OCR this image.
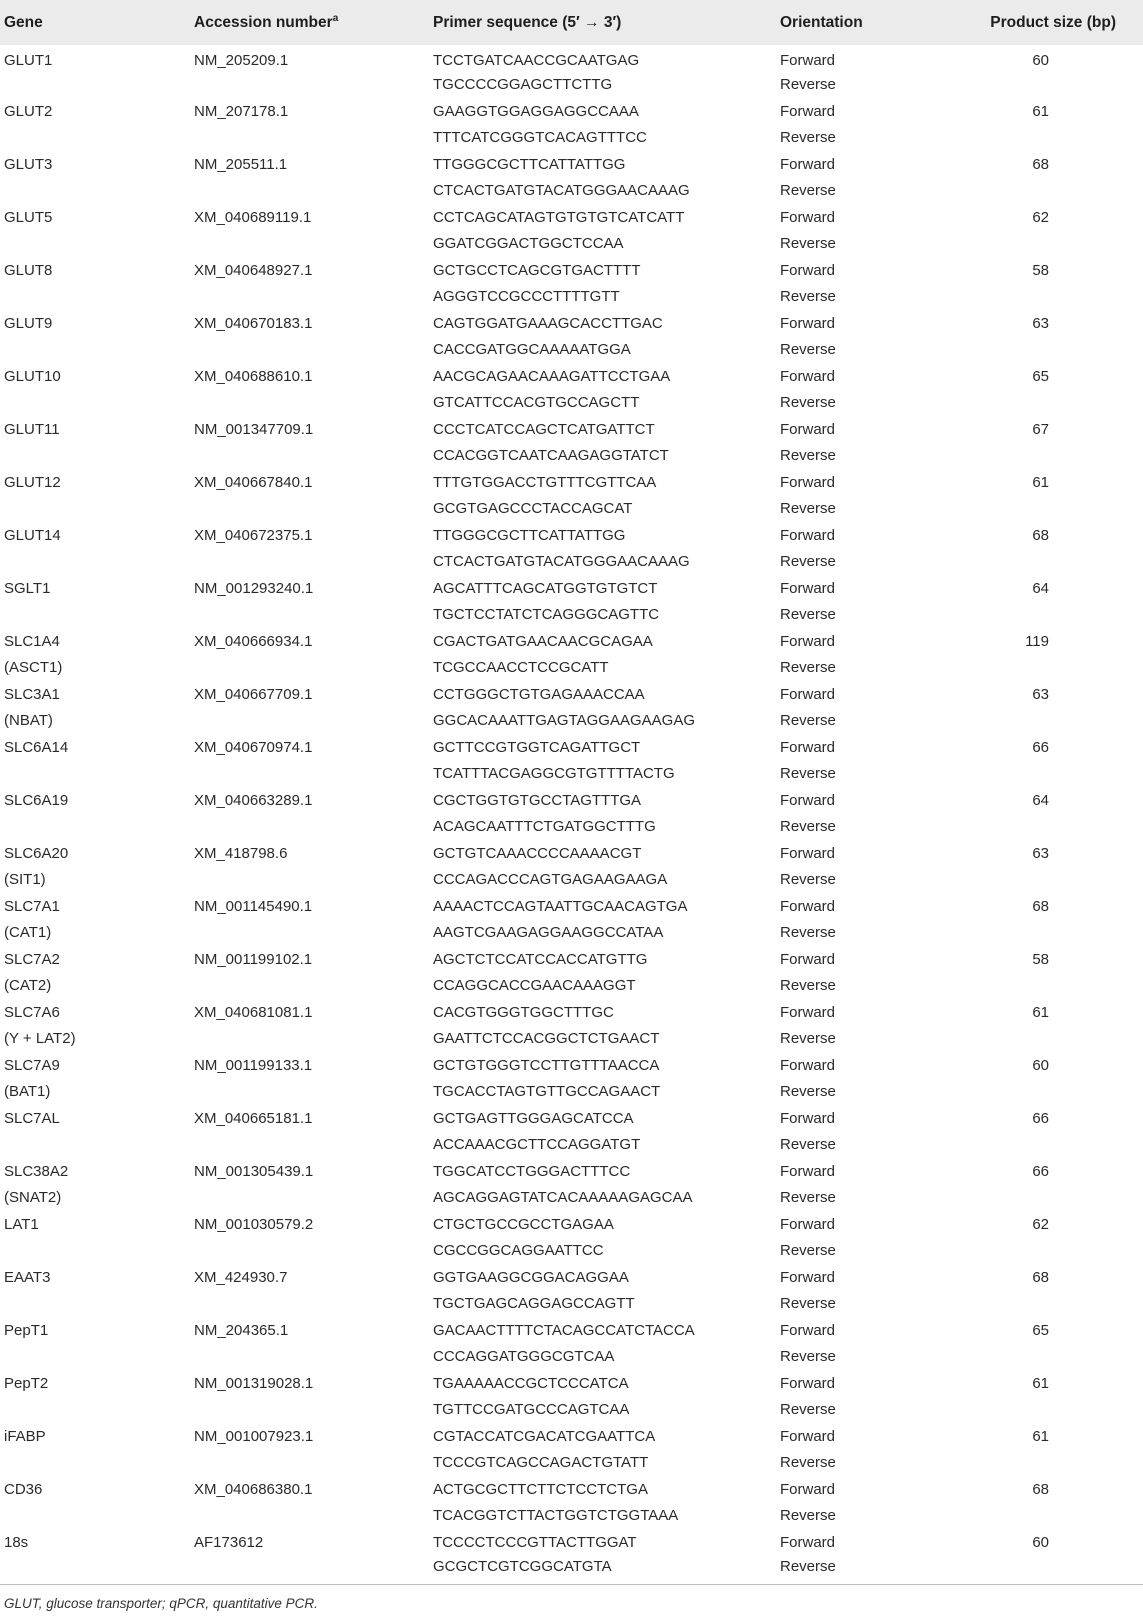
Gene	Accession number$^a$	Primer sequence (5′ → 3′)	Orientation	Product size (bp)
GLUT1	NM_205209.1	TCCTGATCAACCGCAATGAG	Forward	60
		TGCCCCGGAGCTTCTTG	Reverse	
GLUT2	NM_207178.1	GAAGGTGGAGGAGGCCAAA	Forward	61
		TTTCATCGGGTCACAGTTTCC	Reverse	
GLUT3	NM_205511.1	TTGGGCGCTTCATTATTGG	Forward	68
		CTCACTGATGTACATGGGAACAAAG	Reverse	
GLUT5	XM_040689119.1	CCTCAGCATAGTGTGTGTCATCATT	Forward	62
		GGATCGGACTGGCTCCAA	Reverse	
GLUT8	XM_040648927.1	GCTGCCTCAGCGTGACTTTT	Forward	58
		AGGGTCCGCCCTTTTGTT	Reverse	
GLUT9	XM_040670183.1	CAGTGGATGAAAGCACCTTGAC	Forward	63
		CACCGATGGCAAAAATGGA	Reverse	
GLUT10	XM_040688610.1	AACGCAGAACAAAGATTCCTGAA	Forward	65
		GTCATTCCACGTGCCAGCTT	Reverse	
GLUT11	NM_001347709.1	CCCTCATCCAGCTCATGATTCT	Forward	67
		CCACGGTCAATCAAGAGGTATCT	Reverse	
GLUT12	XM_040667840.1	TTTGTGGACCTGTTTCGTTCAA	Forward	61
		GCGTGAGCCCTACCAGCAT	Reverse	
GLUT14	XM_040672375.1	TTGGGCGCTTCATTATTGG	Forward	68
		CTCACTGATGTACATGGGAACAAAG	Reverse	
SGLT1	NM_001293240.1	AGCATTTCAGCATGGTGTGTCT	Forward	64
		TGCTCCTATCTCAGGGCAGTTC	Reverse	
SLC1A4	XM_040666934.1	CGACTGATGAACAACGCAGAA	Forward	119
(ASCT1)		TCGCCAACCTCCGCATT	Reverse	
SLC3A1	XM_040667709.1	CCTGGGCTGTGAGAAACCAA	Forward	63
(NBAT)		GGCACAAATTGAGTAGGAAGAAGAG	Reverse	
SLC6A14	XM_040670974.1	GCTTCCGTGGTCAGATTGCT	Forward	66
		TCATTTACGAGGCGTGTTTTACTG	Reverse	
SLC6A19	XM_040663289.1	CGCTGGTGTGCCTAGTTTGA	Forward	64
		ACAGCAATTTCTGATGGCTTTG	Reverse	
SLC6A20	XM_418798.6	GCTGTCAAACCCCAAAACGT	Forward	63
(SIT1)		CCCAGACCCAGTGAGAAGAAGA	Reverse	
SLC7A1	NM_001145490.1	AAAACTCCAGTAATTGCAACAGTGA	Forward	68
(CAT1)		AAGTCGAAGAGGAAGGCCATAA	Reverse	
SLC7A2	NM_001199102.1	AGCTCTCCATCCACCATGTTG	Forward	58
(CAT2)		CCAGGCACCGAACAAAGGT	Reverse	
SLC7A6	XM_040681081.1	CACGTGGGTGGCTTTGC	Forward	61
(Y + LAT2)		GAATTCTCCACGGCTCTGAACT	Reverse	
SLC7A9	NM_001199133.1	GCTGTGGGTCCTTGTTTAACCA	Forward	60
(BAT1)		TGCACCTAGTGTTGCCAGAACT	Reverse	
SLC7AL	XM_040665181.1	GCTGAGTTGGGAGCATCCA	Forward	66
		ACCAAACGCTTCCAGGATGT	Reverse	
SLC38A2	NM_001305439.1	TGGCATCCTGGGACTTTCC	Forward	66
(SNAT2)		AGCAGGAGTATCACAAAAAGAGCAA	Reverse	
LAT1	NM_001030579.2	CTGCTGCCGCCTGAGAA	Forward	62
		CGCCGGCAGGAATTCC	Reverse	
EAAT3	XM_424930.7	GGTGAAGGCGGACAGGAA	Forward	68
		TGCTGAGCAGGAGCCAGTT	Reverse	
PepT1	NM_204365.1	GACAACTTTTCTACAGCCATCTACCA	Forward	65
		CCCAGGATGGGCGTCAA	Reverse	
PepT2	NM_001319028.1	TGAAAAACCGCTCCCATCA	Forward	61
		TGTTCCGATGCCCAGTCAA	Reverse	
iFABP	NM_001007923.1	CGTACCATCGACATCGAATTCA	Forward	61
		TCCCGTCAGCCAGACTGTATT	Reverse	
CD36	XM_040686380.1	ACTGCGCTTCTTCTCCTCTGA	Forward	68
		TCACGGTCTTACTGGTCTGGTAAA	Reverse	
18s	AF173612	TCCCCTCCCGTTACTTGGAT	Forward	60
		GCGCTCGTCGGCATGTA	Reverse	
GLUT, glucose transporter; qPCR, quantitative PCR.
